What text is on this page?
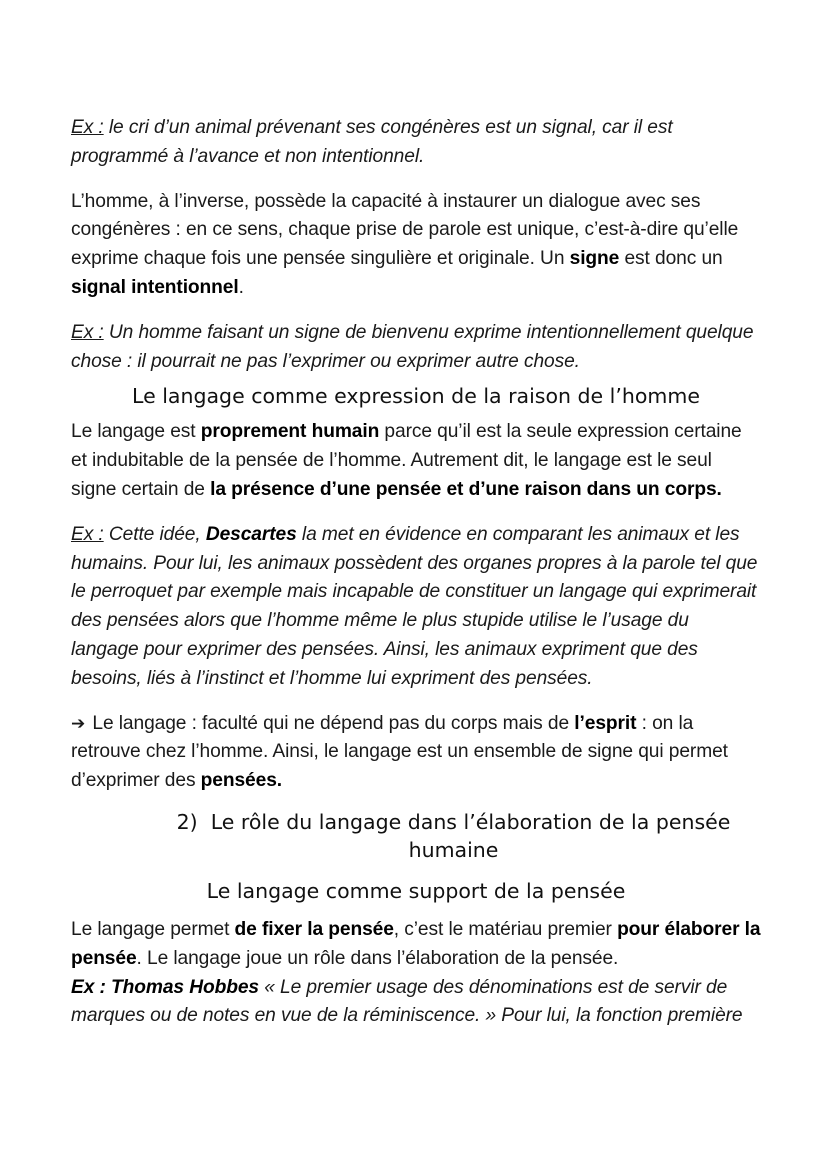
Ex : le cri d’un animal prévenant ses congénères est un signal, car il est programmé à l’avance et non intentionnel.

L’homme, à l’inverse, possède la capacité à instaurer un dialogue avec ses congénères : en ce sens, chaque prise de parole est unique, c’est-à-dire qu’elle exprime chaque fois une pensée singulière et originale. Un signe est donc un signal intentionnel.

Ex : Un homme faisant un signe de bienvenu exprime intentionnellement quelque chose : il pourrait ne pas l’exprimer ou exprimer autre chose.

Le langage comme expression de la raison de l’homme

Le langage est proprement humain parce qu’il est la seule expression certaine et indubitable de la pensée de l’homme. Autrement dit, le langage est le seul signe certain de la présence d’une pensée et d’une raison dans un corps.

Ex : Cette idée, Descartes la met en évidence en comparant les animaux et les humains. Pour lui, les animaux possèdent des organes propres à la parole tel que le perroquet par exemple mais incapable de constituer un langage qui exprimerait des pensées alors que l’homme même le plus stupide utilise le l’usage du langage pour exprimer des pensées. Ainsi, les animaux expriment que des besoins, liés à l’instinct et l’homme lui expriment des pensées.

➔ Le langage : faculté qui ne dépend pas du corps mais de l’esprit : on la retrouve chez l’homme. Ainsi, le langage est un ensemble de signe qui permet d’exprimer des pensées.

2) Le rôle du langage dans l’élaboration de la pensée
humaine
Le langage comme support de la pensée

Le langage permet de fixer la pensée, c’est le matériau premier pour élaborer la pensée. Le langage joue un rôle dans l’élaboration de la pensée.

Ex : Thomas Hobbes « Le premier usage des dénominations est de servir de marques ou de notes en vue de la réminiscence. » Pour lui, la fonction première
